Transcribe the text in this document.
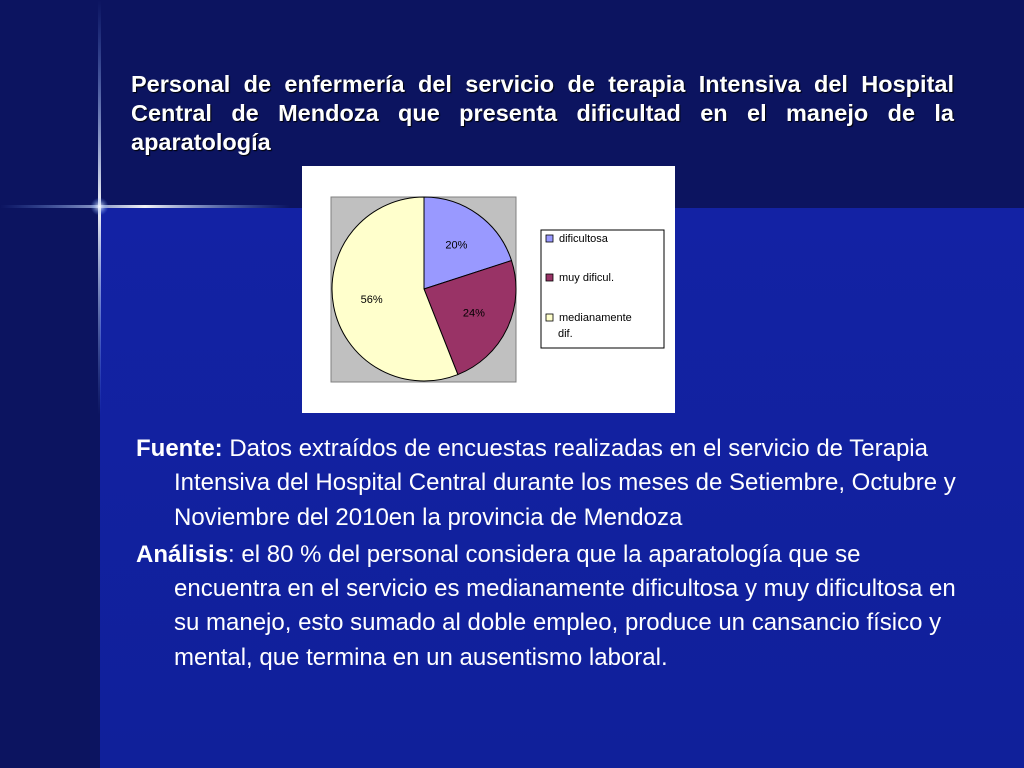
Personal de enfermería del servicio de terapia Intensiva del Hospital Central de Mendoza que presenta dificultad en el manejo de la aparatología
20%
24%
56%
dificultosa
muy dificul.
medianamente
dif.

Fuente: Datos extraídos de encuestas realizadas en el servicio de Terapia Intensiva del Hospital Central durante los meses de Setiembre, Octubre y Noviembre del 2010en la provincia de Mendoza

Análisis: el 80 % del personal considera que la aparatología que se encuentra en el servicio es medianamente dificultosa y muy dificultosa en su manejo, esto sumado al doble empleo, produce un cansancio físico y mental, que termina en un ausentismo laboral.
